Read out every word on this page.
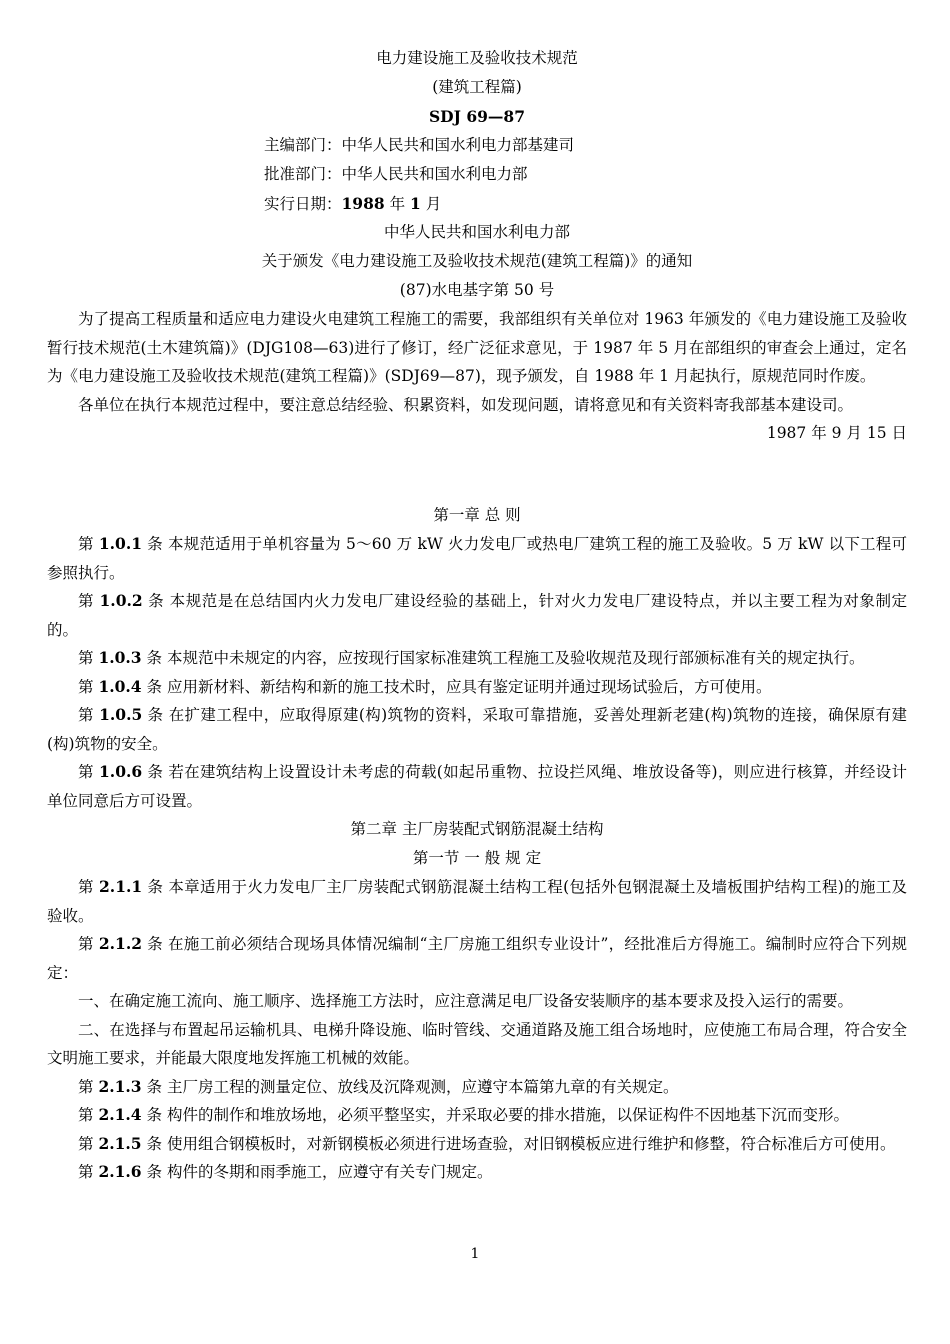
电力建设施工及验收技术规范
(建筑工程篇)
SDJ 69—87
主编部门：中华人民共和国水利电力部基建司
批准部门：中华人民共和国水利电力部
实行日期：1988 年 1 月
中华人民共和国水利电力部
关于颁发《电力建设施工及验收技术规范(建筑工程篇)》的通知
(87)水电基字第 50 号
为了提高工程质量和适应电力建设火电建筑工程施工的需要，我部组织有关单位对 1963 年颁发的《电力建设施工及验收暂行技术规范(土木建筑篇)》(DJG108—63)进行了修订，经广泛征求意见，于 1987 年 5 月在部组织的审查会上通过，定名为《电力建设施工及验收技术规范(建筑工程篇)》(SDJ69—87)，现予颁发，自 1988 年 1 月起执行，原规范同时作废。
各单位在执行本规范过程中，要注意总结经验、积累资料，如发现问题，请将意见和有关资料寄我部基本建设司。
1987 年 9 月 15 日
第一章 总 则
第 1.0.1 条 本规范适用于单机容量为 5～60 万 kW 火力发电厂或热电厂建筑工程的施工及验收。5 万 kW 以下工程可参照执行。
第 1.0.2 条 本规范是在总结国内火力发电厂建设经验的基础上，针对火力发电厂建设特点，并以主要工程为对象制定的。
第 1.0.3 条 本规范中未规定的内容，应按现行国家标准建筑工程施工及验收规范及现行部颁标准有关的规定执行。
第 1.0.4 条 应用新材料、新结构和新的施工技术时，应具有鉴定证明并通过现场试验后，方可使用。
第 1.0.5 条 在扩建工程中，应取得原建(构)筑物的资料，采取可靠措施，妥善处理新老建(构)筑物的连接，确保原有建(构)筑物的安全。
第 1.0.6 条 若在建筑结构上设置设计未考虑的荷载(如起吊重物、拉设拦风绳、堆放设备等)，则应进行核算，并经设计单位同意后方可设置。
第二章 主厂房装配式钢筋混凝土结构
第一节 一 般 规 定
第 2.1.1 条 本章适用于火力发电厂主厂房装配式钢筋混凝土结构工程(包括外包钢混凝土及墙板围护结构工程)的施工及验收。
第 2.1.2 条 在施工前必须结合现场具体情况编制“主厂房施工组织专业设计”，经批准后方得施工。编制时应符合下列规定：
一、在确定施工流向、施工顺序、选择施工方法时，应注意满足电厂设备安装顺序的基本要求及投入运行的需要。
二、在选择与布置起吊运输机具、电梯升降设施、临时管线、交通道路及施工组合场地时，应使施工布局合理，符合安全文明施工要求，并能最大限度地发挥施工机械的效能。
第 2.1.3 条 主厂房工程的测量定位、放线及沉降观测，应遵守本篇第九章的有关规定。
第 2.1.4 条 构件的制作和堆放场地，必须平整坚实，并采取必要的排水措施，以保证构件不因地基下沉而变形。
第 2.1.5 条 使用组合钢模板时，对新钢模板必须进行进场查验，对旧钢模板应进行维护和修整，符合标准后方可使用。
第 2.1.6 条 构件的冬期和雨季施工，应遵守有关专门规定。
1
